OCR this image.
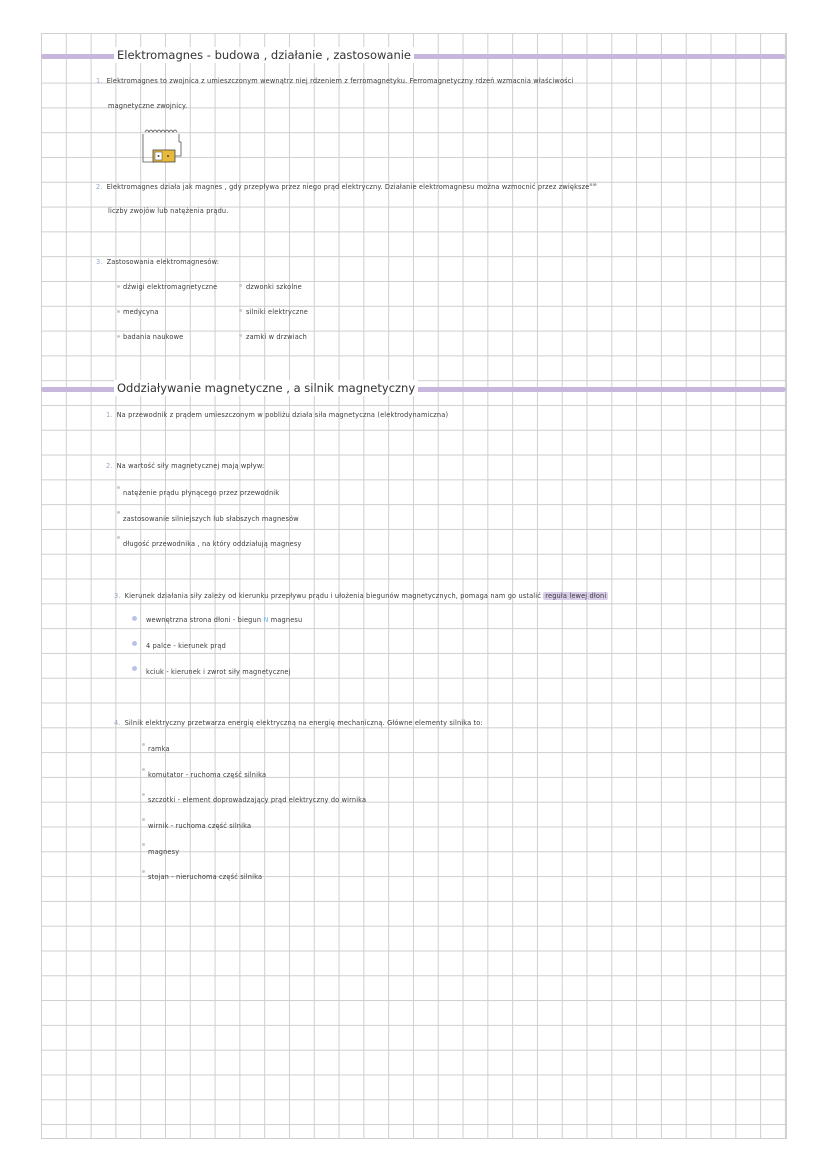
Elektromagnes - budowa , działanie , zastosowanie
1. Elektromagnes to zwojnica z umieszczonym wewnątrz niej rdzeniem z ferromagnetyku. Ferromagnetyczny rdzeń wzmacnia właściwości
magnetyczne zwojnicy.
2. Elektromagnes działa jak magnes , gdy przepływa przez niego prąd elektryczny. Działanie elektromagnesu można wzmocnić przez zwiększe$^{nie}$
liczby zwojów lub natężenia prądu.
3. Zastosowania elektromagnesów:
dźwigi elektromagnetyczne
medycyna
badania naukowe
dzwonki szkolne
silniki elektryczne
zamki w drzwiach
Oddziaływanie magnetyczne , a silnik magnetyczny
1. Na przewodnik z prądem umieszczonym w pobliżu działa siła magnetyczna (elektrodynamiczna)
2. Na wartość siły magnetycznej mają wpływ:
natężenie prądu płynącego przez przewodnik
zastosowanie silniejszych lub słabszych magnesów
długość przewodnika , na który oddziałują magnesy
3. Kierunek działania siły zależy od kierunku przepływu prądu i ułożenia biegunów magnetycznych, pomaga nam go ustalić reguła lewej dłoni
wewnętrzna strona dłoni - biegun N magnesu
4 palce - kierunek prąd
kciuk - kierunek i zwrot siły magnetycznej
4. Silnik elektryczny przetwarza energię elektryczną na energię mechaniczną. Główne elementy silnika to:
ramka
komutator - ruchoma część silnika
szczotki - element doprowadzający prąd elektryczny do wirnika
wirnik - ruchoma część silnika
magnesy
stojan - nieruchoma część silnika
